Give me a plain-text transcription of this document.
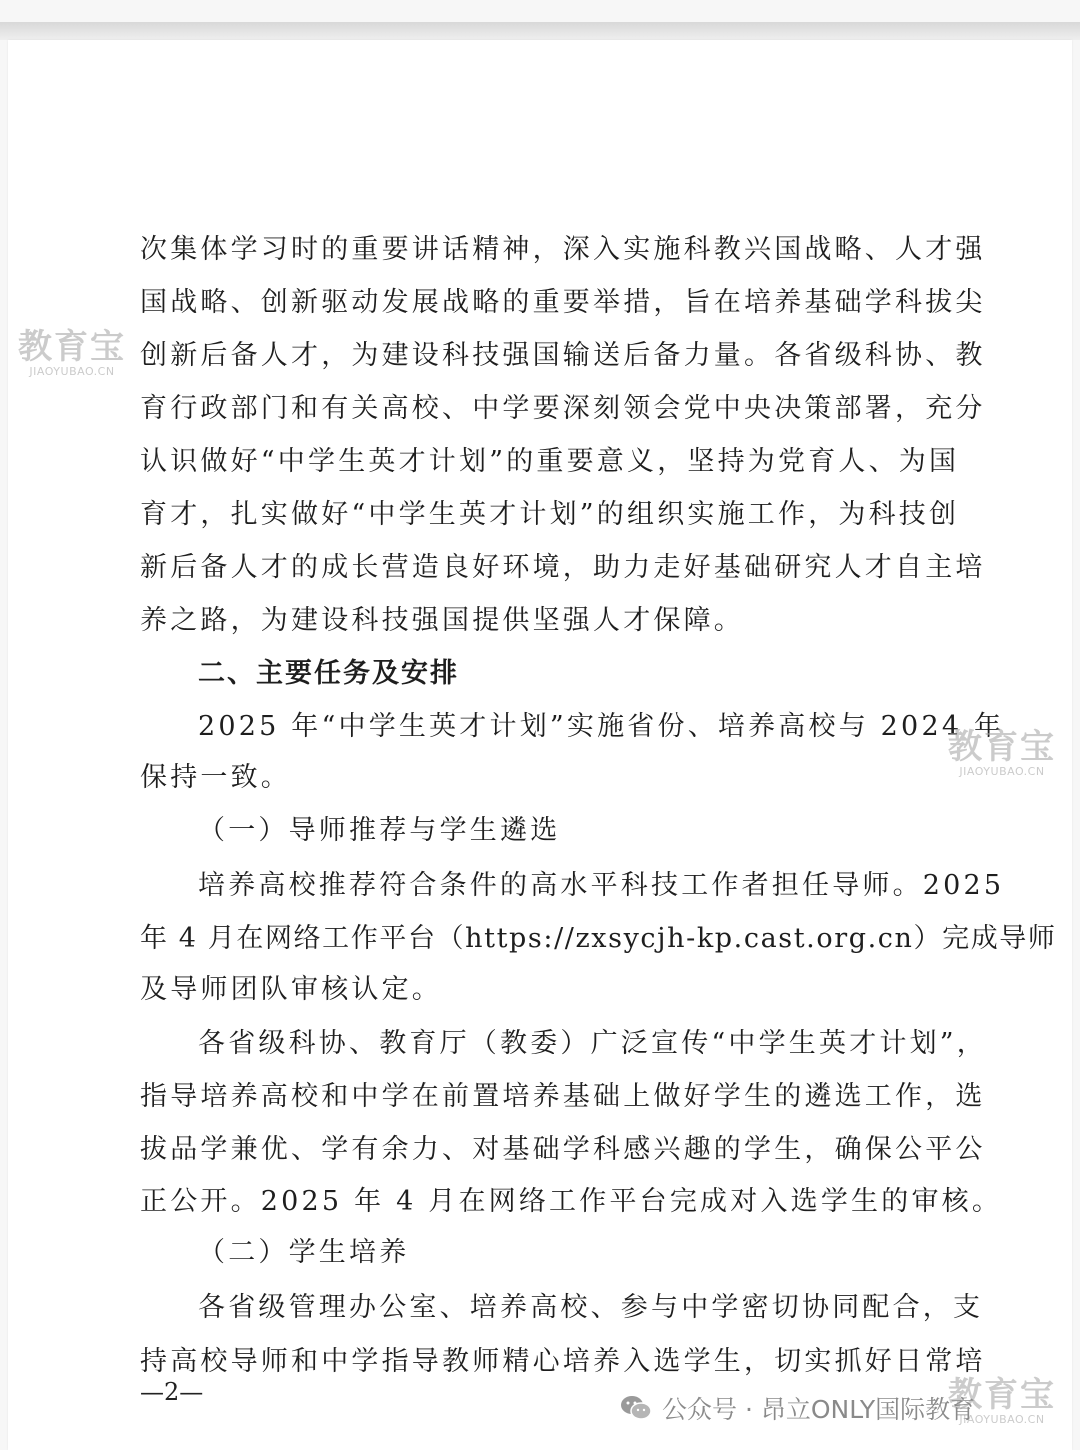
次集体学习时的重要讲话精神，深入实施科教兴国战略、人才强
国战略、创新驱动发展战略的重要举措，旨在培养基础学科拔尖
创新后备人才，为建设科技强国输送后备力量。各省级科协、教
育行政部门和有关高校、中学要深刻领会党中央决策部署，充分
认识做好“中学生英才计划”的重要意义，坚持为党育人、为国
育才，扎实做好“中学生英才计划”的组织实施工作，为科技创
新后备人才的成长营造良好环境，助力走好基础研究人才自主培
养之路，为建设科技强国提供坚强人才保障。
二、主要任务及安排
2025 年“中学生英才计划”实施省份、培养高校与 2024 年
保持一致。
（一）导师推荐与学生遴选
培养高校推荐符合条件的高水平科技工作者担任导师。2025
年 4 月在网络工作平台（https://zxsycjh-kp.cast.org.cn）完成导师
及导师团队审核认定。
各省级科协、教育厅（教委）广泛宣传“中学生英才计划”，
指导培养高校和中学在前置培养基础上做好学生的遴选工作，选
拔品学兼优、学有余力、对基础学科感兴趣的学生，确保公平公
正公开。2025 年 4 月在网络工作平台完成对入选学生的审核。
（二）学生培养
各省级管理办公室、培养高校、参与中学密切协同配合，支
持高校导师和中学指导教师精心培养入选学生，切实抓好日常培
—2—
教育宝
JIAOYUBAO.CN
教育宝
JIAOYUBAO.CN
教育宝
JIAOYUBAO.CN
公众号 · 昂立ONLY国际教育
